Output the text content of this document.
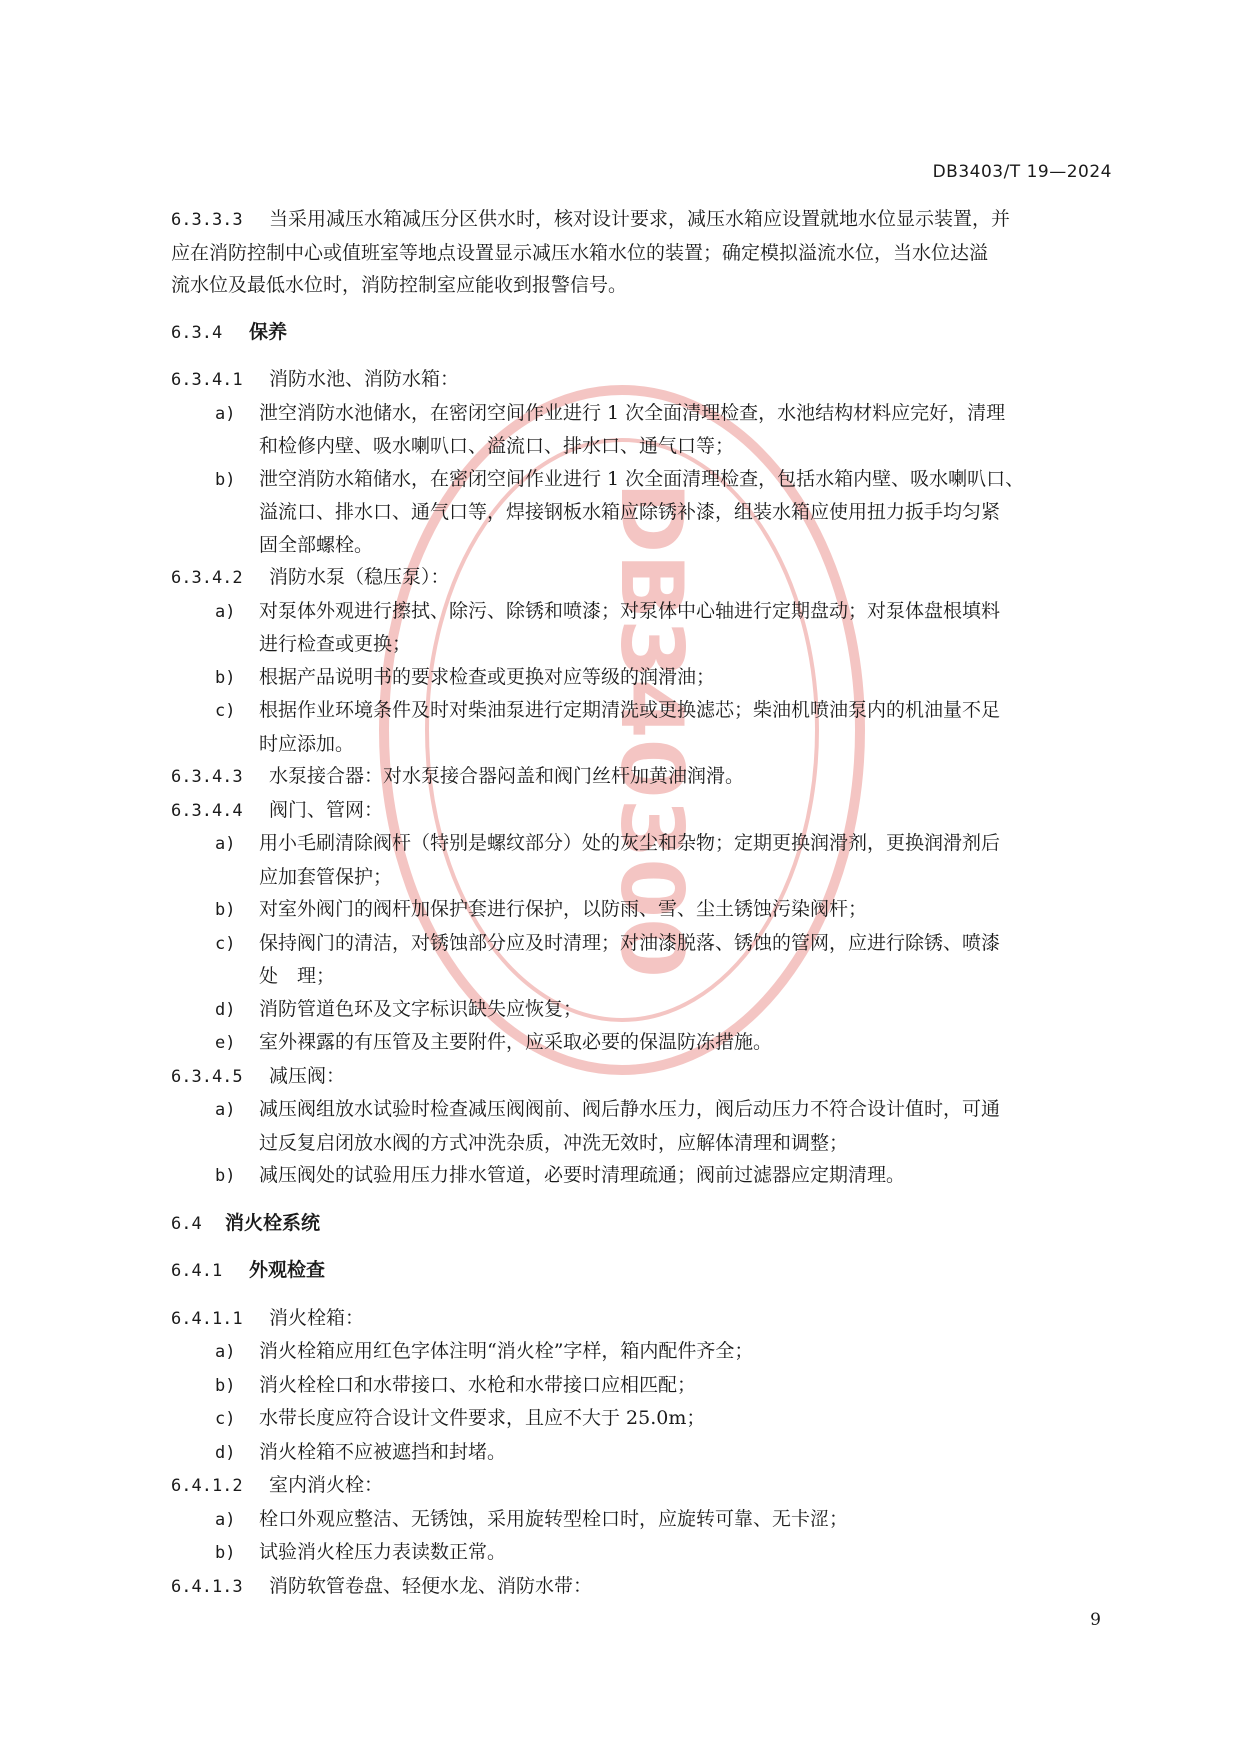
DB3403/T 19—2024
DB340300
6.3.3.3 当采用减压水箱减压分区供水时，核对设计要求，减压水箱应设置就地水位显示装置，并
应在消防控制中心或值班室等地点设置显示减压水箱水位的装置；确定模拟溢流水位，当水位达溢
流水位及最低水位时，消防控制室应能收到报警信号。
6.3.4 保养
6.3.4.1 消防水池、消防水箱：
a) 泄空消防水池储水，在密闭空间作业进行 1 次全面清理检查，水池结构材料应完好，清理
和检修内壁、吸水喇叭口、溢流口、排水口、通气口等；
b) 泄空消防水箱储水，在密闭空间作业进行 1 次全面清理检查，包括水箱内壁、吸水喇叭口、
溢流口、排水口、通气口等，焊接钢板水箱应除锈补漆，组装水箱应使用扭力扳手均匀紧
固全部螺栓。
6.3.4.2 消防水泵（稳压泵）：
a) 对泵体外观进行擦拭、除污、除锈和喷漆；对泵体中心轴进行定期盘动；对泵体盘根填料
进行检查或更换；
b) 根据产品说明书的要求检查或更换对应等级的润滑油；
c) 根据作业环境条件及时对柴油泵进行定期清洗或更换滤芯；柴油机喷油泵内的机油量不足
时应添加。
6.3.4.3 水泵接合器：对水泵接合器闷盖和阀门丝杆加黄油润滑。
6.3.4.4 阀门、管网：
a) 用小毛刷清除阀杆（特别是螺纹部分）处的灰尘和杂物；定期更换润滑剂，更换润滑剂后
应加套管保护；
b) 对室外阀门的阀杆加保护套进行保护，以防雨、雪、尘土锈蚀污染阀杆；
c) 保持阀门的清洁，对锈蚀部分应及时清理；对油漆脱落、锈蚀的管网，应进行除锈、喷漆
处　理；
d) 消防管道色环及文字标识缺失应恢复；
e) 室外裸露的有压管及主要附件，应采取必要的保温防冻措施。
6.3.4.5 减压阀：
a) 减压阀组放水试验时检查减压阀阀前、阀后静水压力，阀后动压力不符合设计值时，可通
过反复启闭放水阀的方式冲洗杂质，冲洗无效时，应解体清理和调整；
b) 减压阀处的试验用压力排水管道，必要时清理疏通；阀前过滤器应定期清理。
6.4 消火栓系统
6.4.1 外观检查
6.4.1.1 消火栓箱：
a) 消火栓箱应用红色字体注明“消火栓”字样，箱内配件齐全；
b) 消火栓栓口和水带接口、水枪和水带接口应相匹配；
c) 水带长度应符合设计文件要求，且应不大于 25.0m；
d) 消火栓箱不应被遮挡和封堵。
6.4.1.2 室内消火栓：
a) 栓口外观应整洁、无锈蚀，采用旋转型栓口时，应旋转可靠、无卡涩；
b) 试验消火栓压力表读数正常。
6.4.1.3 消防软管卷盘、轻便水龙、消防水带：
9
